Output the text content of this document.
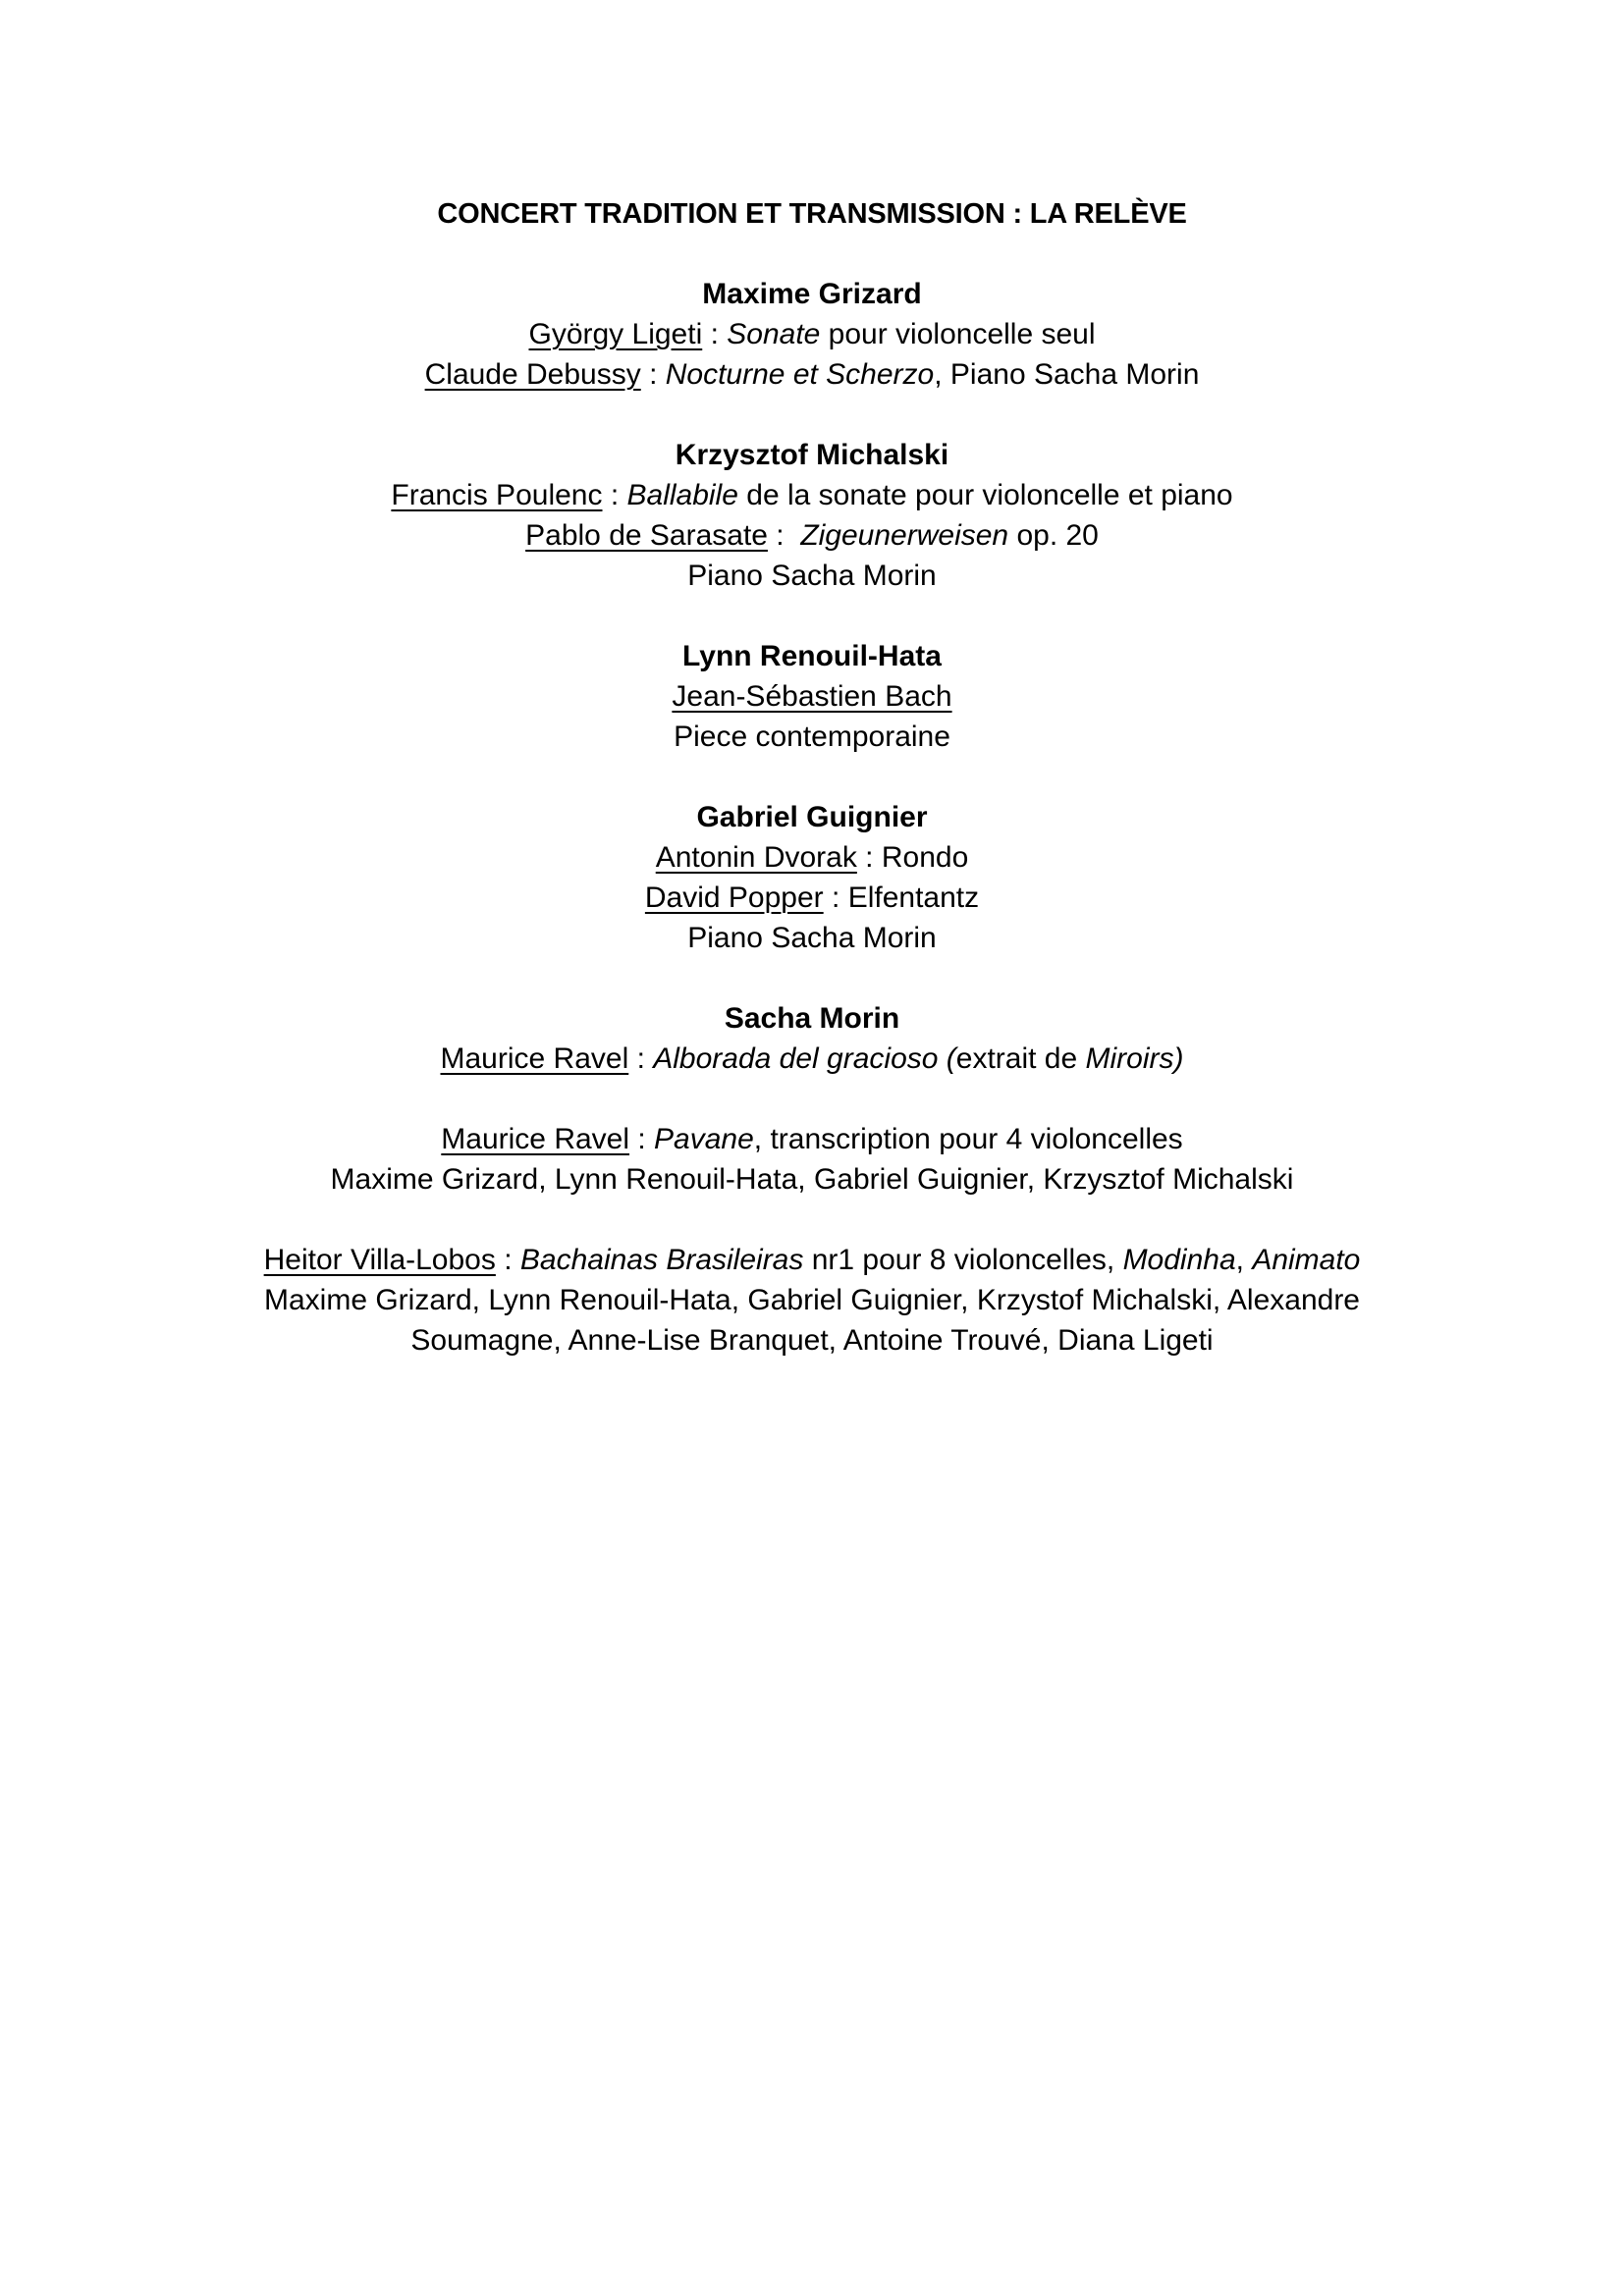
CONCERT TRADITION ET TRANSMISSION : LA RELÈVE
Maxime Grizard
György Ligeti : Sonate pour violoncelle seul
Claude Debussy : Nocturne et Scherzo, Piano Sacha Morin
Krzysztof Michalski
Francis Poulenc : Ballabile de la sonate pour violoncelle et piano
Pablo de Sarasate :  Zigeunerweisen op. 20
Piano Sacha Morin
Lynn Renouil-Hata
Jean-Sébastien Bach
Piece contemporaine
Gabriel Guignier
Antonin Dvorak : Rondo
David Popper : Elfentantz
Piano Sacha Morin
Sacha Morin
Maurice Ravel : Alborada del gracioso (extrait de Miroirs)
Maurice Ravel : Pavane, transcription pour 4 violoncelles
Maxime Grizard, Lynn Renouil-Hata, Gabriel Guignier, Krzysztof Michalski
Heitor Villa-Lobos : Bachainas Brasileiras nr1 pour 8 violoncelles, Modinha, Animato
Maxime Grizard, Lynn Renouil-Hata, Gabriel Guignier, Krzystof Michalski, Alexandre
Soumagne, Anne-Lise Branquet, Antoine Trouvé, Diana Ligeti
